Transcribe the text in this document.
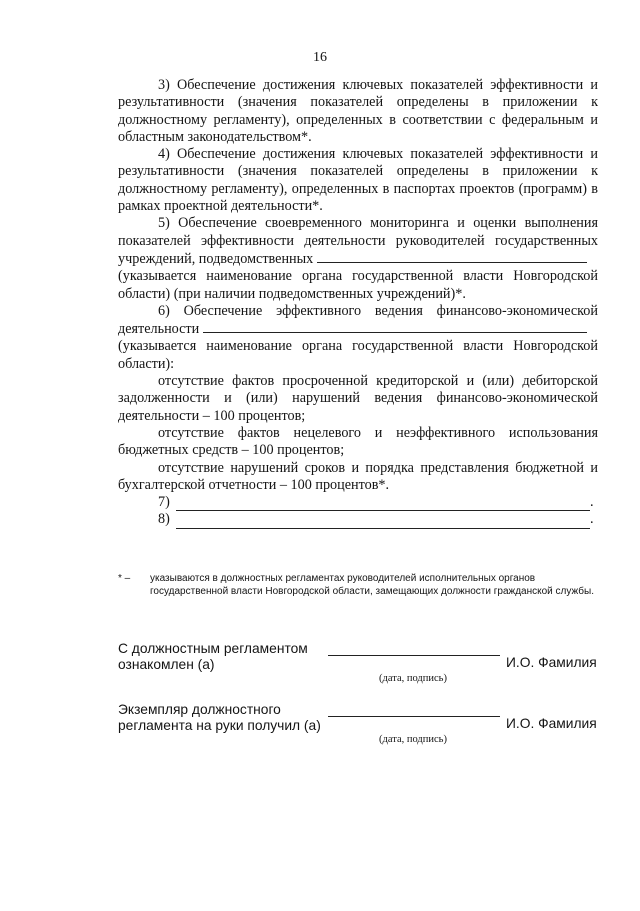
16

3) Обеспечение достижения ключевых показателей эффективности и результативности (значения показателей определены в приложении к должностному регламенту), определенных в соответствии с федеральным и областным законодательством*.

4) Обеспечение достижения ключевых показателей эффективности и результативности (значения показателей определены в приложении к должностному регламенту), определенных в паспортах проектов (программ) в рамках проектной деятельности*.

5) Обеспечение своевременного мониторинга и оценки выполнения показателей эффективности деятельности руководителей государственных учреждений, подведомственных

(указывается наименование органа государственной власти Новгородской области) (при наличии подведомственных учреждений)*.

6) Обеспечение эффективного ведения финансово-экономической деятельности

(указывается наименование органа государственной власти Новгородской области):

отсутствие фактов просроченной кредиторской и (или) дебиторской задолженности и (или) нарушений ведения финансово-экономической деятельности – 100 процентов;

отсутствие фактов нецелевого и неэффективного использования бюджетных средств – 100 процентов;

отсутствие нарушений сроков и порядка представления бюджетной и бухгалтерской отчетности – 100 процентов*.

7)	.

8)	.

* – указываются в должностных регламентах руководителей исполнительных органов государственной власти Новгородской области, замещающих должности гражданской службы.
С должностным регламентом ознакомлен (а)	И.О. Фамилия
(дата, подпись)
Экземпляр должностного регламента на руки получил (а)	И.О. Фамилия
(дата, подпись)
